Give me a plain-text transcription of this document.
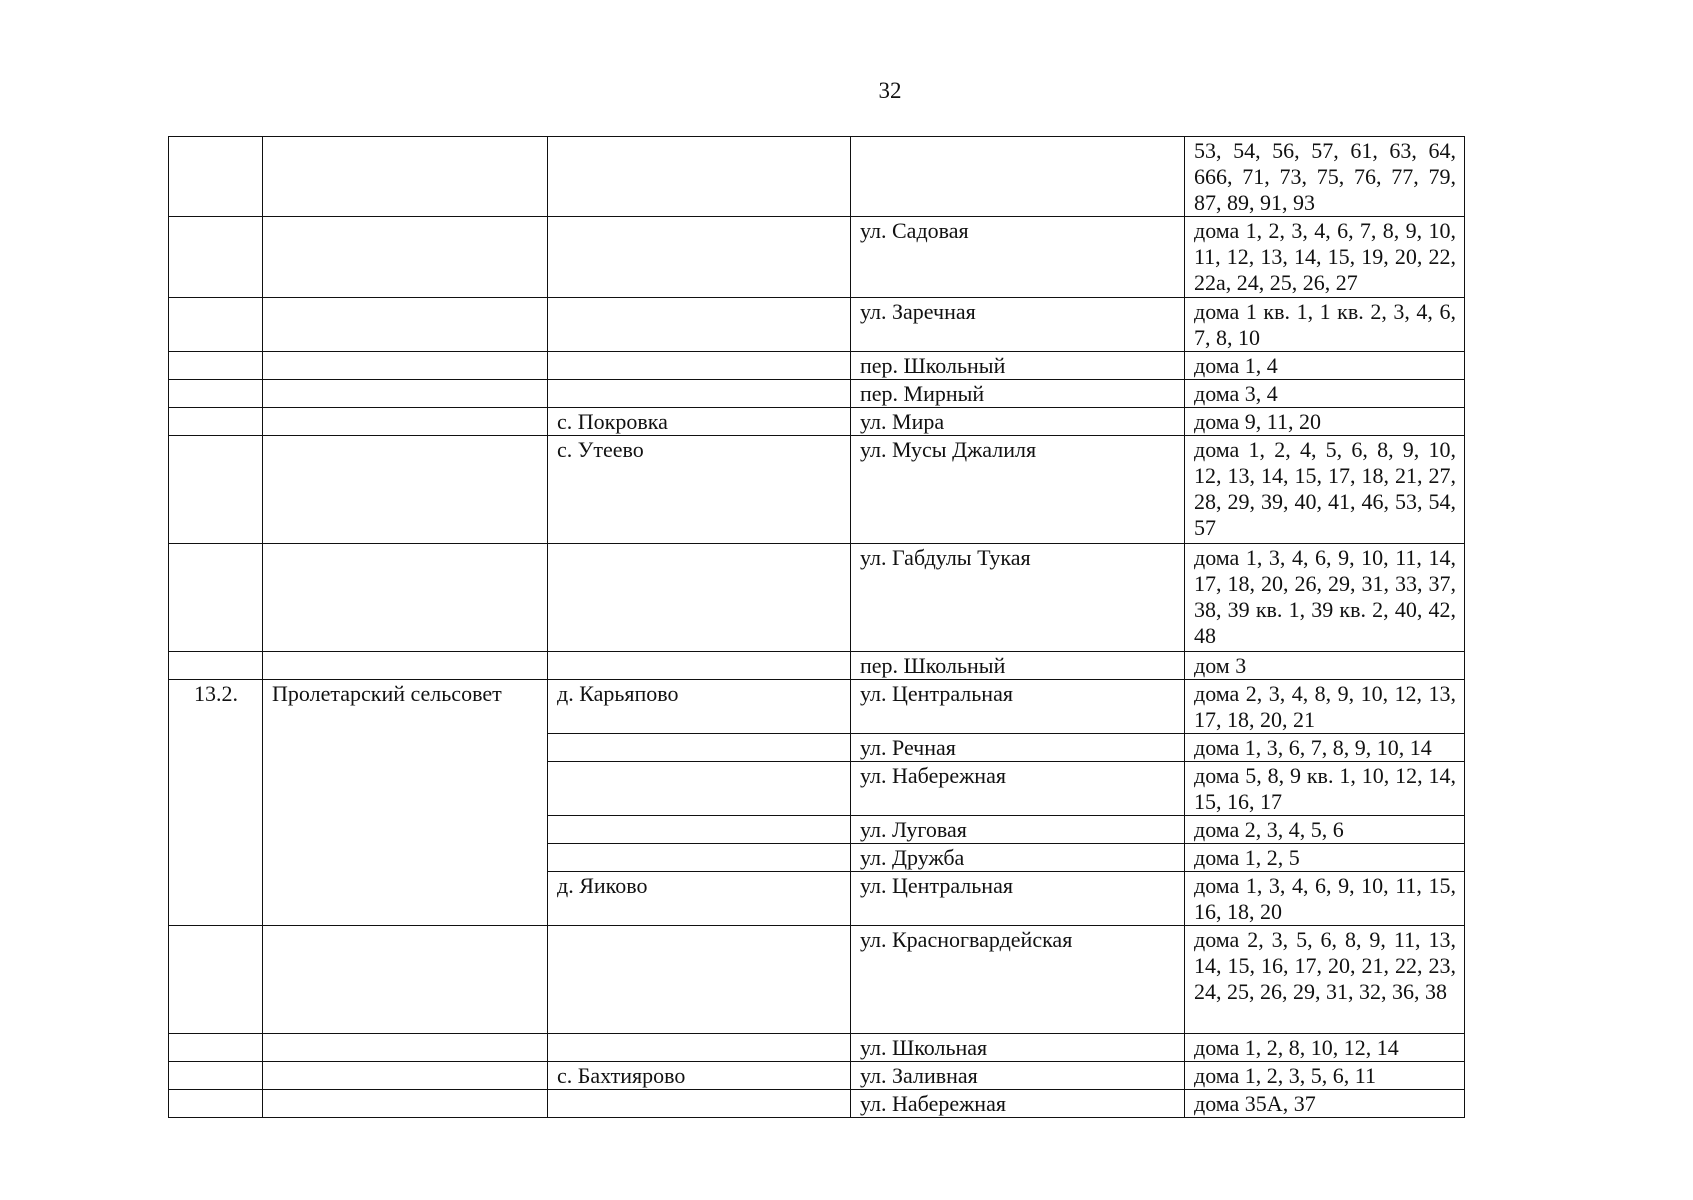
32
				53, 54, 56, 57, 61, 63, 64, 666, 71, 73, 75, 76, 77, 79, 87, 89, 91, 93
			ул. Садовая	дома 1, 2, 3, 4, 6, 7, 8, 9, 10, 11, 12, 13, 14, 15, 19, 20, 22, 22а, 24, 25, 26, 27
			ул. Заречная	дома 1 кв. 1, 1 кв. 2, 3, 4, 6, 7, 8, 10
			пер. Школьный	дома 1, 4
			пер. Мирный	дома 3, 4
		с. Покровка	ул. Мира	дома 9, 11, 20
		с. Утеево	ул. Мусы Джалиля	дома 1, 2, 4, 5, 6, 8, 9, 10, 12, 13, 14, 15, 17, 18, 21, 27, 28, 29, 39, 40, 41, 46, 53, 54, 57
			ул. Габдулы Тукая	дома 1, 3, 4, 6, 9, 10, 11, 14, 17, 18, 20, 26, 29, 31, 33, 37, 38, 39 кв. 1, 39 кв. 2, 40, 42, 48
			пер. Школьный	дом 3
13.2.	Пролетарский сельсовет	д. Карьяпово	ул. Центральная	дома 2, 3, 4, 8, 9, 10, 12, 13, 17, 18, 20, 21
			ул. Речная	дома 1, 3, 6, 7, 8, 9, 10, 14
			ул. Набережная	дома 5, 8, 9 кв. 1, 10, 12, 14, 15, 16, 17
			ул. Луговая	дома 2, 3, 4, 5, 6
			ул. Дружба	дома 1, 2, 5
		д. Яиково	ул. Центральная	дома 1, 3, 4, 6, 9, 10, 11, 15, 16, 18, 20
			ул. Красногвардейская	дома 2, 3, 5, 6, 8, 9, 11, 13, 14, 15, 16, 17, 20, 21, 22, 23, 24, 25, 26, 29, 31, 32, 36, 38
			ул. Школьная	дома 1, 2, 8, 10, 12, 14
		с. Бахтиярово	ул. Заливная	дома 1, 2, 3, 5, 6, 11
			ул. Набережная	дома 35А, 37
